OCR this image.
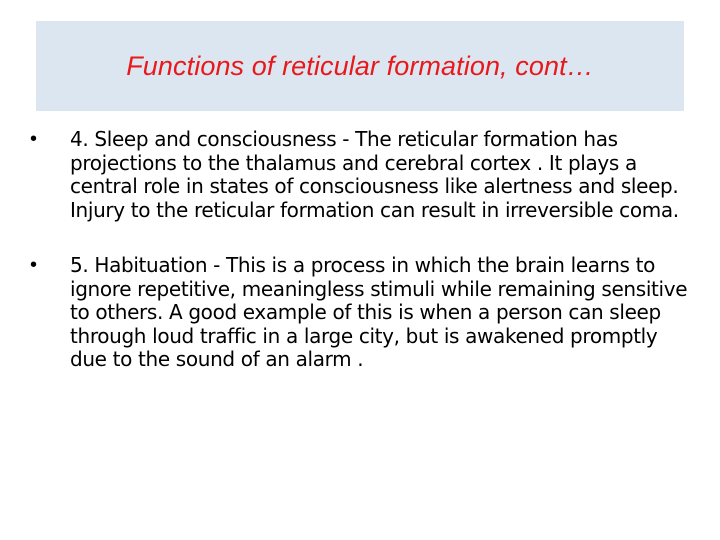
Functions of reticular formation, cont…
• 4. Sleep and consciousness - The reticular formation has projections to the thalamus and cerebral cortex . It plays a central role in states of consciousness like alertness and sleep. Injury to the reticular formation can result in irreversible coma.
• 5. Habituation - This is a process in which the brain learns to ignore repetitive, meaningless stimuli while remaining sensitive to others. A good example of this is when a person can sleep through loud traffic in a large city, but is awakened promptly due to the sound of an alarm .
